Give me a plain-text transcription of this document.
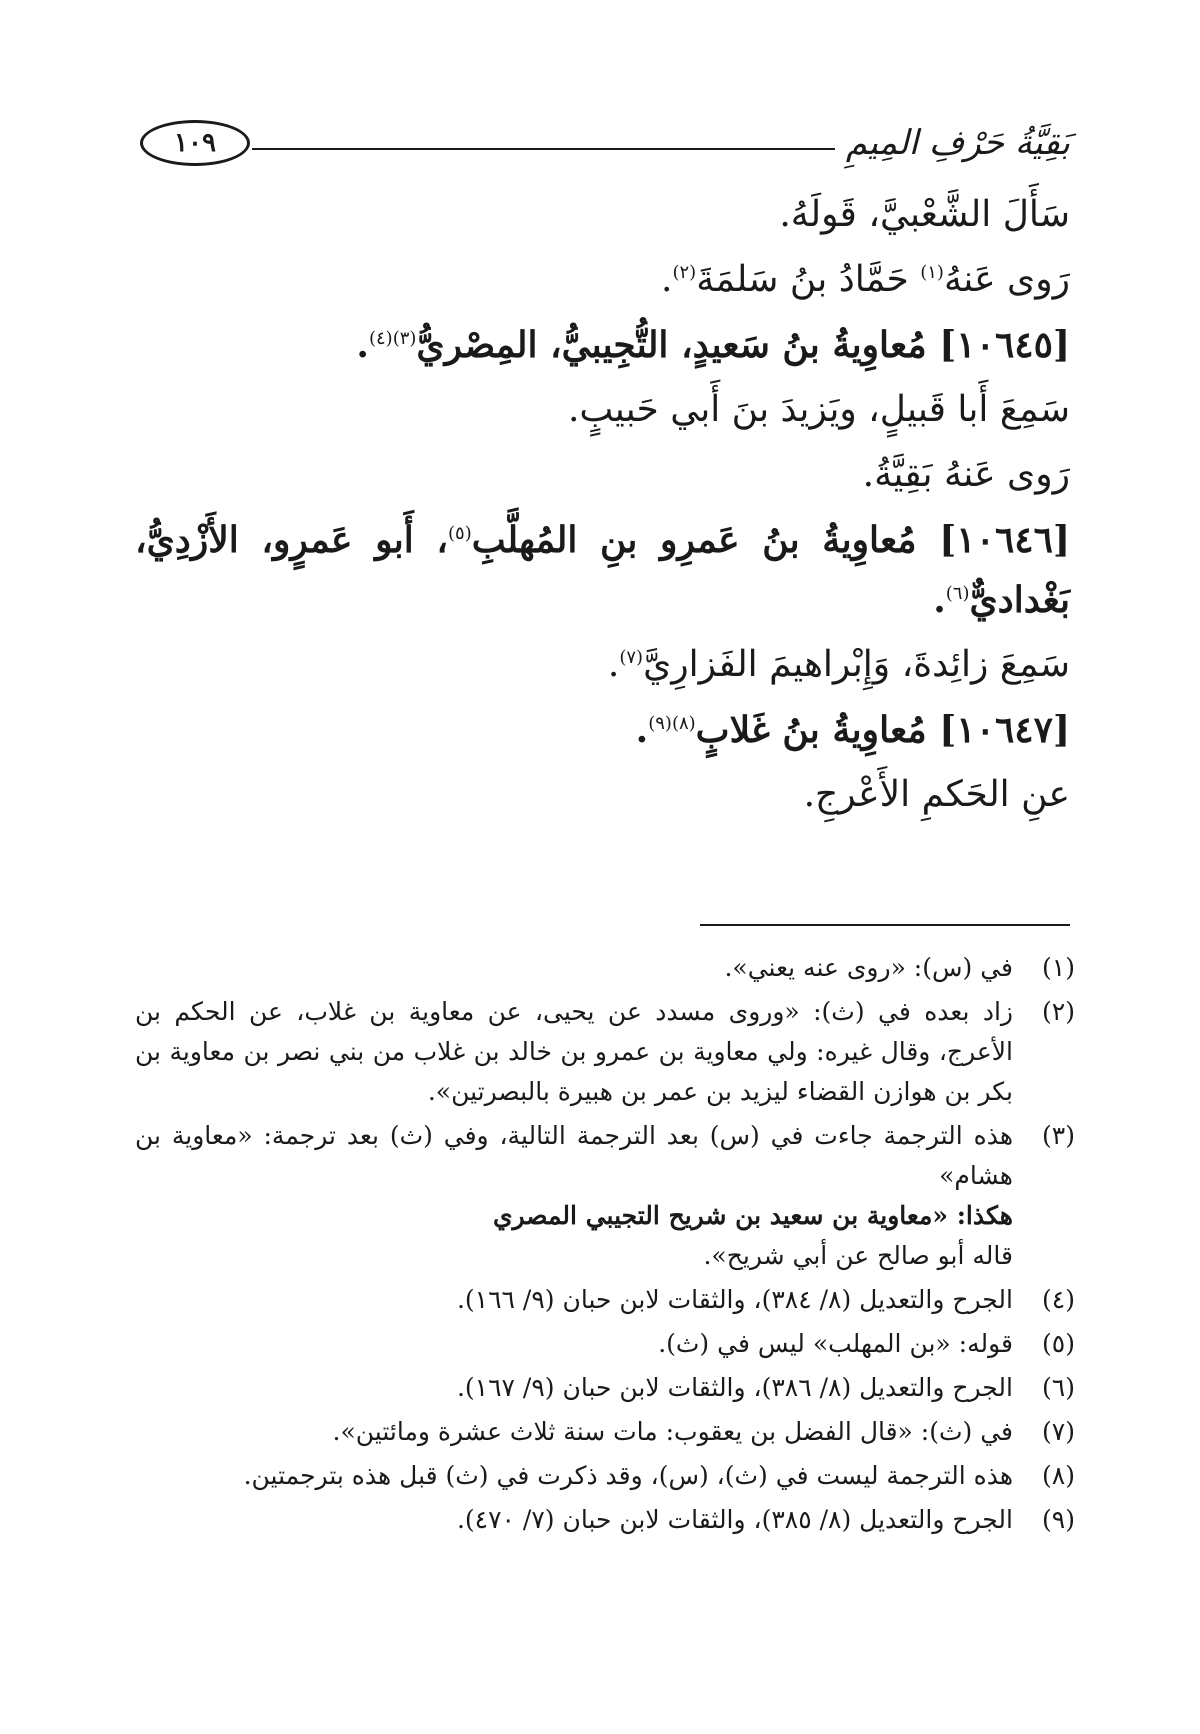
بَقِيَّةُ حَرْفِ المِيمِ
١٠٩

سَأَلَ الشَّعْبيَّ، قَولَهُ.

رَوى عَنهُ$^{(١)}$ حَمَّادُ بنُ سَلمَةَ$^{(٢)}$.

[١٠٦٤٥] مُعاوِيةُ بنُ سَعيدٍ، التُّجِيبيُّ، المِصْريُّ$^{(٣)(٤)}$.

سَمِعَ أَبا قَبيلٍ، ويَزيدَ بنَ أَبي حَبيبٍ.

رَوى عَنهُ بَقِيَّةُ.

[١٠٦٤٦] مُعاوِيةُ بنُ عَمرِو بنِ المُهلَّبِ$^{(٥)}$، أَبو عَمرٍو، الأَزْدِيُّ، بَغْداديٌّ$^{(٦)}$.

سَمِعَ زائِدةَ، وَإِبْراهيمَ الفَزارِيَّ$^{(٧)}$.

[١٠٦٤٧] مُعاوِيةُ بنُ غَلابٍ$^{(٨)(٩)}$.

عنِ الحَكمِ الأَعْرجِ.

(١)
في (س): «روى عنه يعني».
(٢)
زاد بعده في (ث): «وروى مسدد عن يحيى، عن معاوية بن غلاب، عن الحكم بن الأعرج، وقال غيره: ولي معاوية بن عمرو بن خالد بن غلاب من بني نصر بن معاوية بن بكر بن هوازن القضاء ليزيد بن عمر بن هبيرة بالبصرتين».
(٣)
هذه الترجمة جاءت في (س) بعد الترجمة التالية، وفي (ث) بعد ترجمة: «معاوية بن هشام»
هكذا: «معاوية بن سعيد بن شريح التجيبي المصري
قاله أبو صالح عن أبي شريح».
(٤)
الجرح والتعديل (٨/ ٣٨٤)، والثقات لابن حبان (٩/ ١٦٦).
(٥)
قوله: «بن المهلب» ليس في (ث).
(٦)
الجرح والتعديل (٨/ ٣٨٦)، والثقات لابن حبان (٩/ ١٦٧).
(٧)
في (ث): «قال الفضل بن يعقوب: مات سنة ثلاث عشرة ومائتين».
(٨)
هذه الترجمة ليست في (ث)، (س)، وقد ذكرت في (ث) قبل هذه بترجمتين.
(٩)
الجرح والتعديل (٨/ ٣٨٥)، والثقات لابن حبان (٧/ ٤٧٠).
